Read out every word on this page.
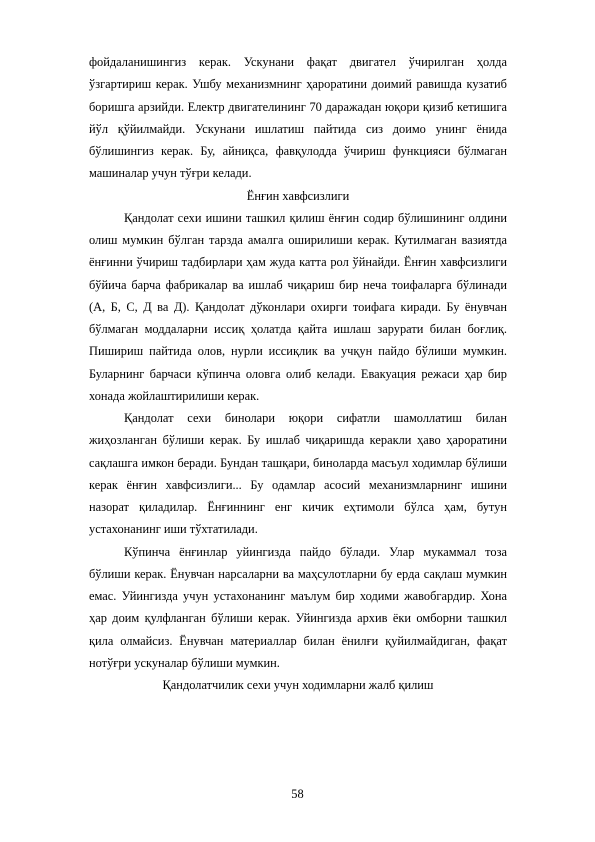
фойдаланишингиз керак. Ускунани фақат двигател ўчирилган ҳолда ўзгартириш керак. Ушбу механизмнинг ҳароратини доимий равишда кузатиб боришга арзийди. Електр двигателининг 70 даражадан юқори қизиб кетишига йўл қўйилмайди. Ускунани ишлатиш пайтида сиз доимо унинг ёнида бўлишингиз керак. Бу, айниқса, фавқулодда ўчириш функцияси бўлмаган машиналар учун тўғри келади.

Ёнғин хавфсизлиги

Қандолат сехи ишини ташкил қилиш ёнғин содир бўлишининг олдини олиш мумкин бўлган тарзда амалга оширилиши керак. Кутилмаган вазиятда ёнғинни ўчириш тадбирлари ҳам жуда катта рол ўйнайди. Ёнғин хавфсизлиги бўйича барча фабрикалар ва ишлаб чиқариш бир неча тоифаларга бўлинади (А, Б, С, Д ва Д). Қандолат дўконлари охирги тоифага киради. Бу ёнувчан бўлмаган моддаларни иссиқ ҳолатда қайта ишлаш зарурати билан боғлиқ. Пишириш пайтида олов, нурли иссиқлик ва учқун пайдо бўлиши мумкин. Буларнинг барчаси кўпинча оловга олиб келади. Евакуация режаси ҳар бир хонада жойлаштирилиши керак.

Қандолат сехи бинолари юқори сифатли шамоллатиш билан жиҳозланган бўлиши керак. Бу ишлаб чиқаришда керакли ҳаво ҳароратини сақлашга имкон беради. Бундан ташқари, биноларда масъул ходимлар бўлиши керак ёнғин хавфсизлиги... Бу одамлар асосий механизмларнинг ишини назорат қиладилар. Ёнғиннинг енг кичик еҳтимоли бўлса ҳам, бутун устахонанинг иши тўхтатилади.

Кўпинча ёнғинлар уйингизда пайдо бўлади. Улар мукаммал тоза бўлиши керак. Ёнувчан нарсаларни ва маҳсулотларни бу ерда сақлаш мумкин емас. Уйингизда учун устахонанинг маълум бир ходими жавобгардир. Хона ҳар доим қулфланган бўлиши керак. Уйингизда архив ёки омборни ташкил қила олмайсиз. Ёнувчан материаллар билан ёнилғи қуйилмайдиган, фақат нотўғри ускуналар бўлиши мумкин.

Қандолатчилик сехи учун ходимларни жалб қилиш

58
